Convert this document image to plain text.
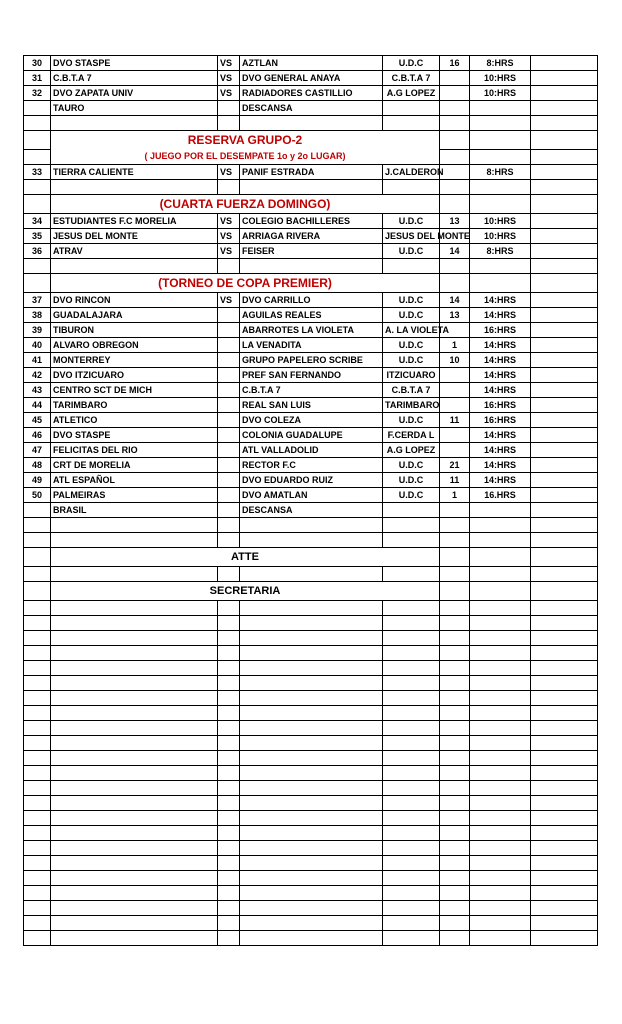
30	DVO STASPE	VS	AZTLAN	U.D.C	16	8:HRS	
31	C.B.T.A 7	VS	DVO GENERAL ANAYA	C.B.T.A 7		10:HRS	
32	DVO ZAPATA UNIV	VS	RADIADORES CASTILLIO	A.G LOPEZ		10:HRS	
	TAURO		DESCANSA				

	RESERVA GRUPO-2						
	( JUEGO POR EL DESEMPATE 1o y 2o LUGAR)						
33	TIERRA CALIENTE	VS	PANIF ESTRADA	J.CALDERON		8:HRS	

	(CUARTA FUERZA DOMINGO)						
34	ESTUDIANTES F.C MORELIA	VS	COLEGIO BACHILLERES	U.D.C	13	10:HRS	
35	JESUS DEL MONTE	VS	ARRIAGA RIVERA	JESUS DEL MONTE		10:HRS	
36	ATRAV	VS	FEISER	U.D.C	14	8:HRS	

	(TORNEO DE COPA PREMIER)						
37	DVO RINCON	VS	DVO CARRILLO	U.D.C	14	14:HRS	
38	GUADALAJARA		AGUILAS REALES	U.D.C	13	14:HRS	
39	TIBURON		ABARROTES LA VIOLETA	A. LA VIOLETA		16:HRS	
40	ALVARO OBREGON		LA VENADITA	U.D.C	1	14:HRS	
41	MONTERREY		GRUPO PAPELERO SCRIBE	U.D.C	10	14:HRS	
42	DVO ITZICUARO		PREF SAN FERNANDO	ITZICUARO		14:HRS	
43	CENTRO SCT DE MICH		C.B.T.A 7	C.B.T.A 7		14:HRS	
44	TARIMBARO		REAL SAN LUIS	TARIMBARO		16:HRS	
45	ATLETICO		DVO COLEZA	U.D.C	11	16:HRS	
46	DVO STASPE		COLONIA GUADALUPE	F.CERDA L		14:HRS	
47	FELICITAS DEL RIO		ATL VALLADOLID	A.G LOPEZ		14:HRS	
48	CRT DE MORELIA		RECTOR F.C	U.D.C	21	14:HRS	
49	ATL ESPAÑOL		DVO EDUARDO RUIZ	U.D.C	11	14:HRS	
50	PALMEIRAS		DVO AMATLAN	U.D.C	1	16.HRS	
	BRASIL		DESCANSA				

	ATTE						

	SECRETARIA						
